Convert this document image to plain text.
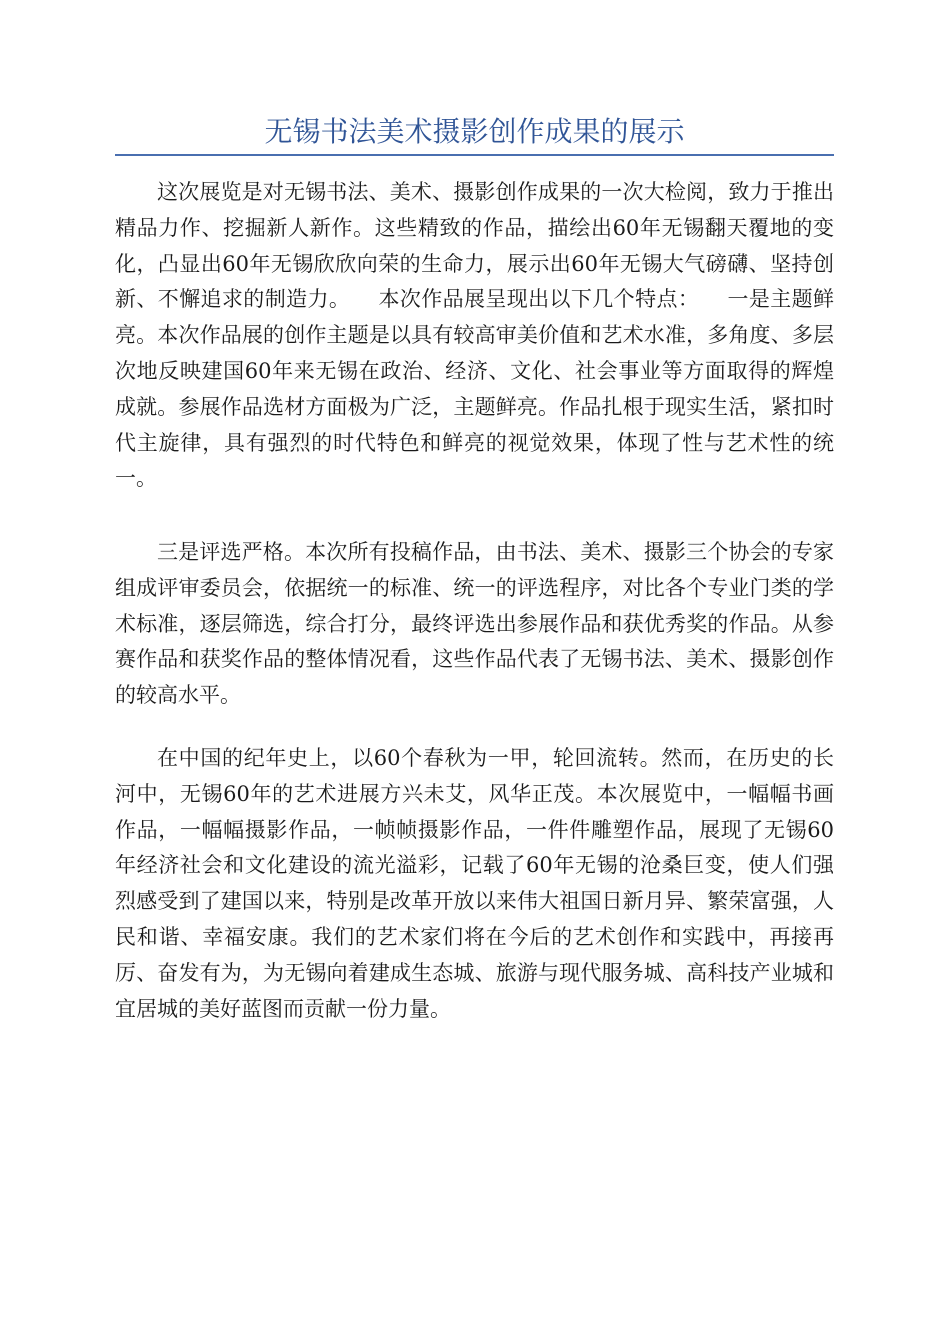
无锡书法美术摄影创作成果的展示

这次展览是对无锡书法、美术、摄影创作成果的一次大检阅，致力于推出精品力作、挖掘新人新作。这些精致的作品，描绘出60年无锡翻天覆地的变化，凸显出60年无锡欣欣向荣的生命力，展示出60年无锡大气磅礴、坚持创新、不懈追求的制造力。    本次作品展呈现出以下几个特点：    一是主题鲜亮。本次作品展的创作主题是以具有较高审美价值和艺术水准，多角度、多层次地反映建国60年来无锡在政治、经济、文化、社会事业等方面取得的辉煌成就。参展作品选材方面极为广泛，主题鲜亮。作品扎根于现实生活，紧扣时代主旋律，具有强烈的时代特色和鲜亮的视觉效果，体现了性与艺术性的统一。

三是评选严格。本次所有投稿作品，由书法、美术、摄影三个协会的专家组成评审委员会，依据统一的标准、统一的评选程序，对比各个专业门类的学术标准，逐层筛选，综合打分，最终评选出参展作品和获优秀奖的作品。从参赛作品和获奖作品的整体情况看，这些作品代表了无锡书法、美术、摄影创作的较高水平。

在中国的纪年史上，以60个春秋为一甲，轮回流转。然而，在历史的长河中，无锡60年的艺术进展方兴未艾，风华正茂。本次展览中，一幅幅书画作品，一幅幅摄影作品，一帧帧摄影作品，一件件雕塑作品，展现了无锡60年经济社会和文化建设的流光溢彩，记载了60年无锡的沧桑巨变，使人们强烈感受到了建国以来，特别是改革开放以来伟大祖国日新月异、繁荣富强，人民和谐、幸福安康。我们的艺术家们将在今后的艺术创作和实践中，再接再厉、奋发有为，为无锡向着建成生态城、旅游与现代服务城、高科技产业城和宜居城的美好蓝图而贡献一份力量。
